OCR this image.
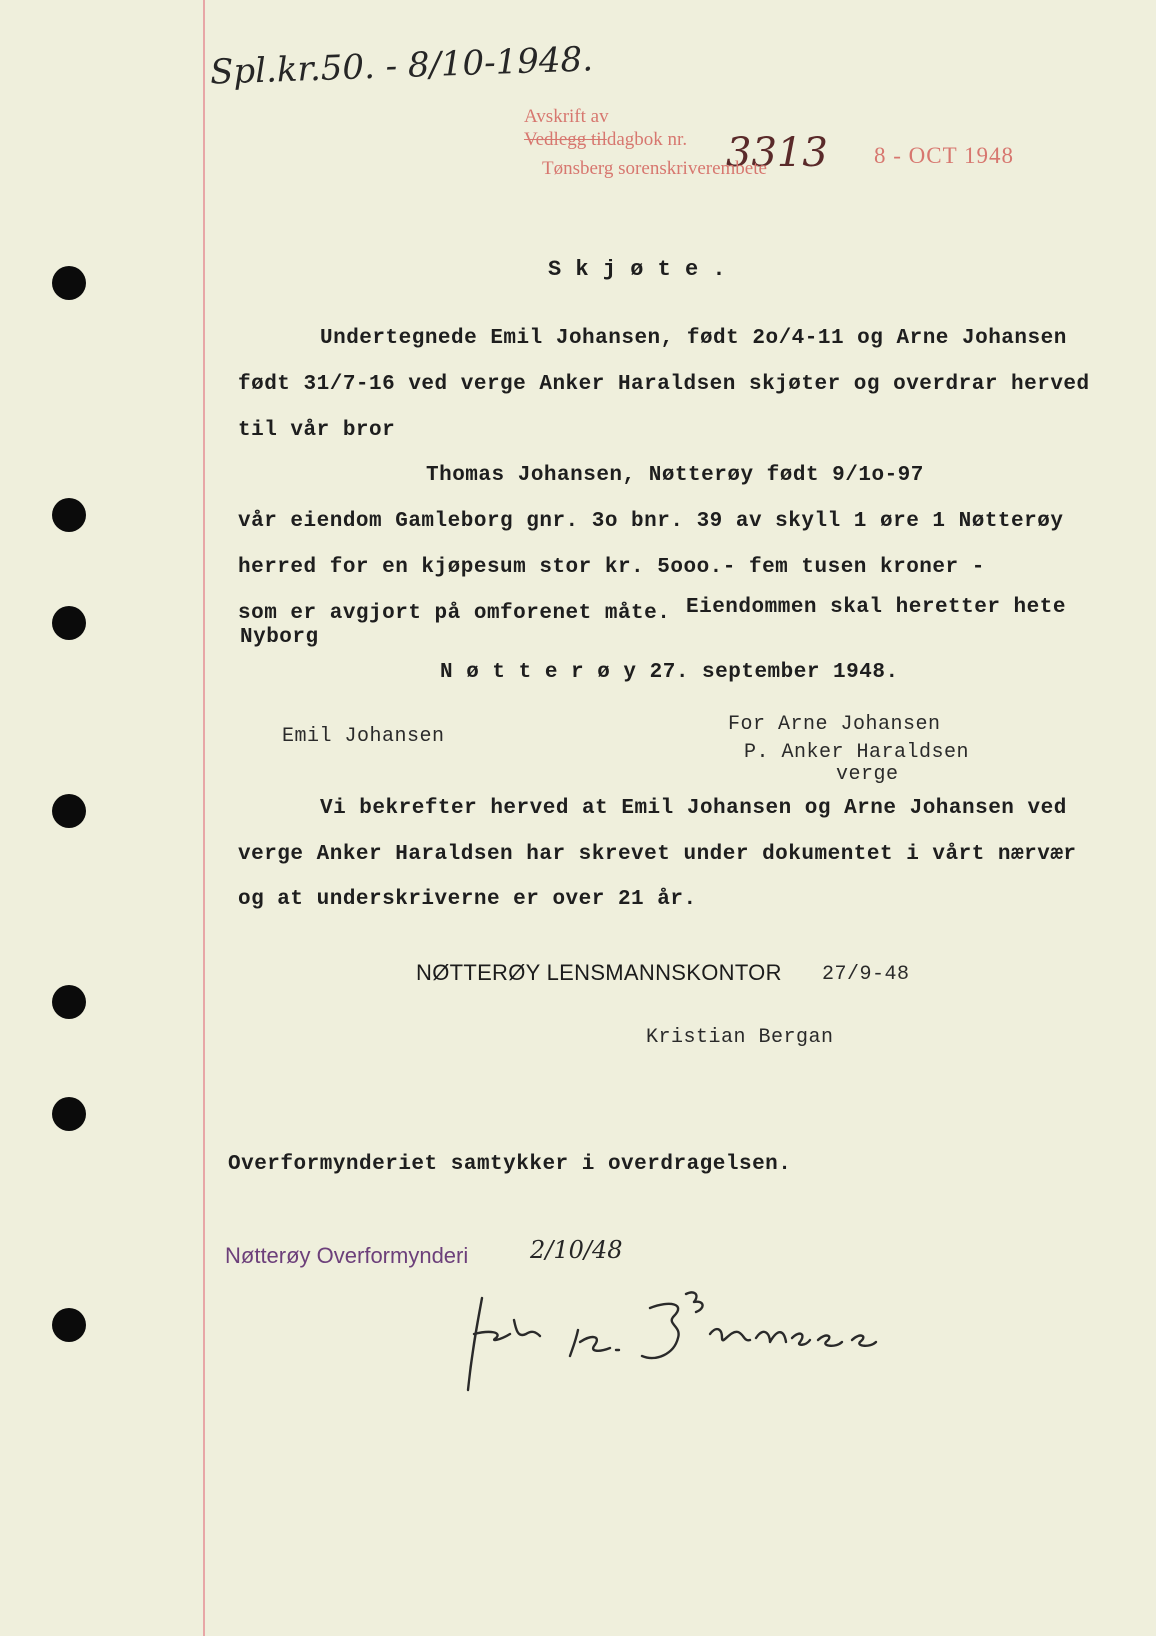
Spl.kr.50. - 8/10-1948.
Avskrift av
Vedlegg tildagbok nr. 3313
Tønsberg sorenskriverembete
8 - OCT 1948
S k j ø t e .
Undertegnede Emil Johansen, født 2o/4-11 og Arne Johansen
født 31/7-16 ved verge Anker Haraldsen skjøter og overdrar herved
til vår bror
Thomas Johansen, Nøtterøy født 9/1o-97
vår eiendom Gamleborg gnr. 3o bnr. 39 av skyll 1 øre 1 Nøtterøy
herred for en kjøpesum stor kr. 5ooo.- fem tusen kroner -
som er avgjort på omforenet måte. Eiendommen skal heretter hete
Nyborg
N ø t t e r ø y 27. september 1948.
Emil Johansen
For Arne Johansen
P. Anker Haraldsen
verge
Vi bekrefter herved at Emil Johansen og Arne Johansen ved
verge Anker Haraldsen har skrevet under dokumentet i vårt nærvær
og at underskriverne er over 21 år.
NØTTERØY LENSMANNSKONTOR 27/9-48
Kristian Bergan
Overformynderiet samtykker i overdragelsen.
Nøtterøy Overformynderi	2/10/48
